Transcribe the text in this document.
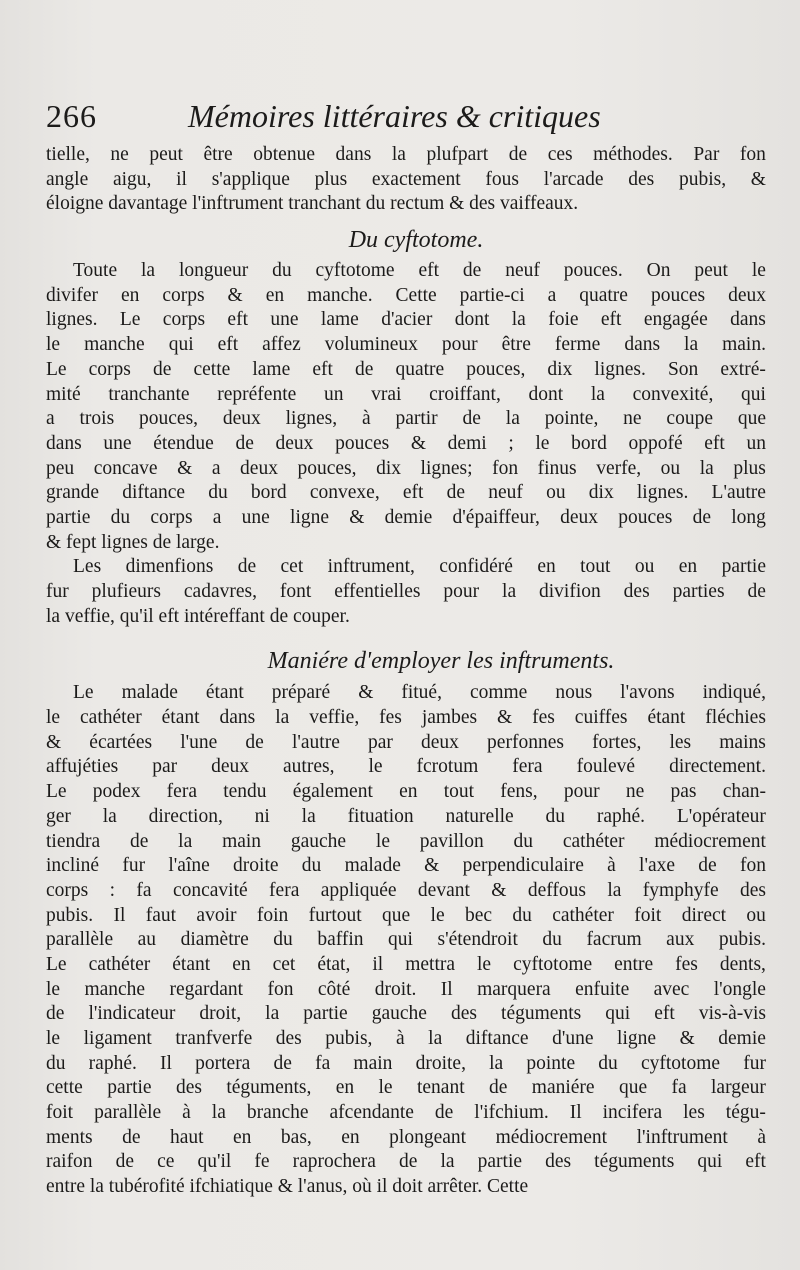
266	Mémoires littéraires & critiques
tielle, ne peut être obtenue dans la plufpart de ces méthodes. Par fon
angle aigu, il s'applique plus exactement fous l'arcade des pubis, &
éloigne davantage l'inftrument tranchant du rectum & des vaiffeaux.
Du cyftotome.
Toute la longueur du cyftotome eft de neuf pouces. On peut le
divifer en corps & en manche. Cette partie-ci a quatre pouces deux
lignes. Le corps eft une lame d'acier dont la foie eft engagée dans
le manche qui eft affez volumineux pour être ferme dans la main.
Le corps de cette lame eft de quatre pouces, dix lignes. Son extré-
mité tranchante repréfente un vrai croiffant, dont la convexité, qui
a trois pouces, deux lignes, à partir de la pointe, ne coupe que
dans une étendue de deux pouces & demi ; le bord oppofé eft un
peu concave & a deux pouces, dix lignes; fon finus verfe, ou la plus
grande diftance du bord convexe, eft de neuf ou dix lignes. L'autre
partie du corps a une ligne & demie d'épaiffeur, deux pouces de long
& fept lignes de large.
Les dimenfions de cet inftrument, confidéré en tout ou en partie
fur plufieurs cadavres, font effentielles pour la divifion des parties de
la veffie, qu'il eft intéreffant de couper.
Maniére d'employer les inftruments.
Le malade étant préparé & fitué, comme nous l'avons indiqué,
le cathéter étant dans la veffie, fes jambes & fes cuiffes étant fléchies
& écartées l'une de l'autre par deux perfonnes fortes, les mains
affujéties par deux autres, le fcrotum fera foulevé directement.
Le podex fera tendu également en tout fens, pour ne pas chan-
ger la direction, ni la fituation naturelle du raphé. L'opérateur
tiendra de la main gauche le pavillon du cathéter médiocrement
incliné fur l'aîne droite du malade & perpendiculaire à l'axe de fon
corps : fa concavité fera appliquée devant & deffous la fymphyfe des
pubis. Il faut avoir foin furtout que le bec du cathéter foit direct ou
parallèle au diamètre du baffin qui s'étendroit du facrum aux pubis.
Le cathéter étant en cet état, il mettra le cyftotome entre fes dents,
le manche regardant fon côté droit. Il marquera enfuite avec l'ongle
de l'indicateur droit, la partie gauche des téguments qui eft vis-à-vis
le ligament tranfverfe des pubis, à la diftance d'une ligne & demie
du raphé. Il portera de fa main droite, la pointe du cyftotome fur
cette partie des téguments, en le tenant de maniére que fa largeur
foit parallèle à la branche afcendante de l'ifchium. Il incifera les tégu-
ments de haut en bas, en plongeant médiocrement l'inftrument à
raifon de ce qu'il fe raprochera de la partie des téguments qui eft
entre la tubérofité ifchiatique & l'anus, où il doit arrêter. Cette
